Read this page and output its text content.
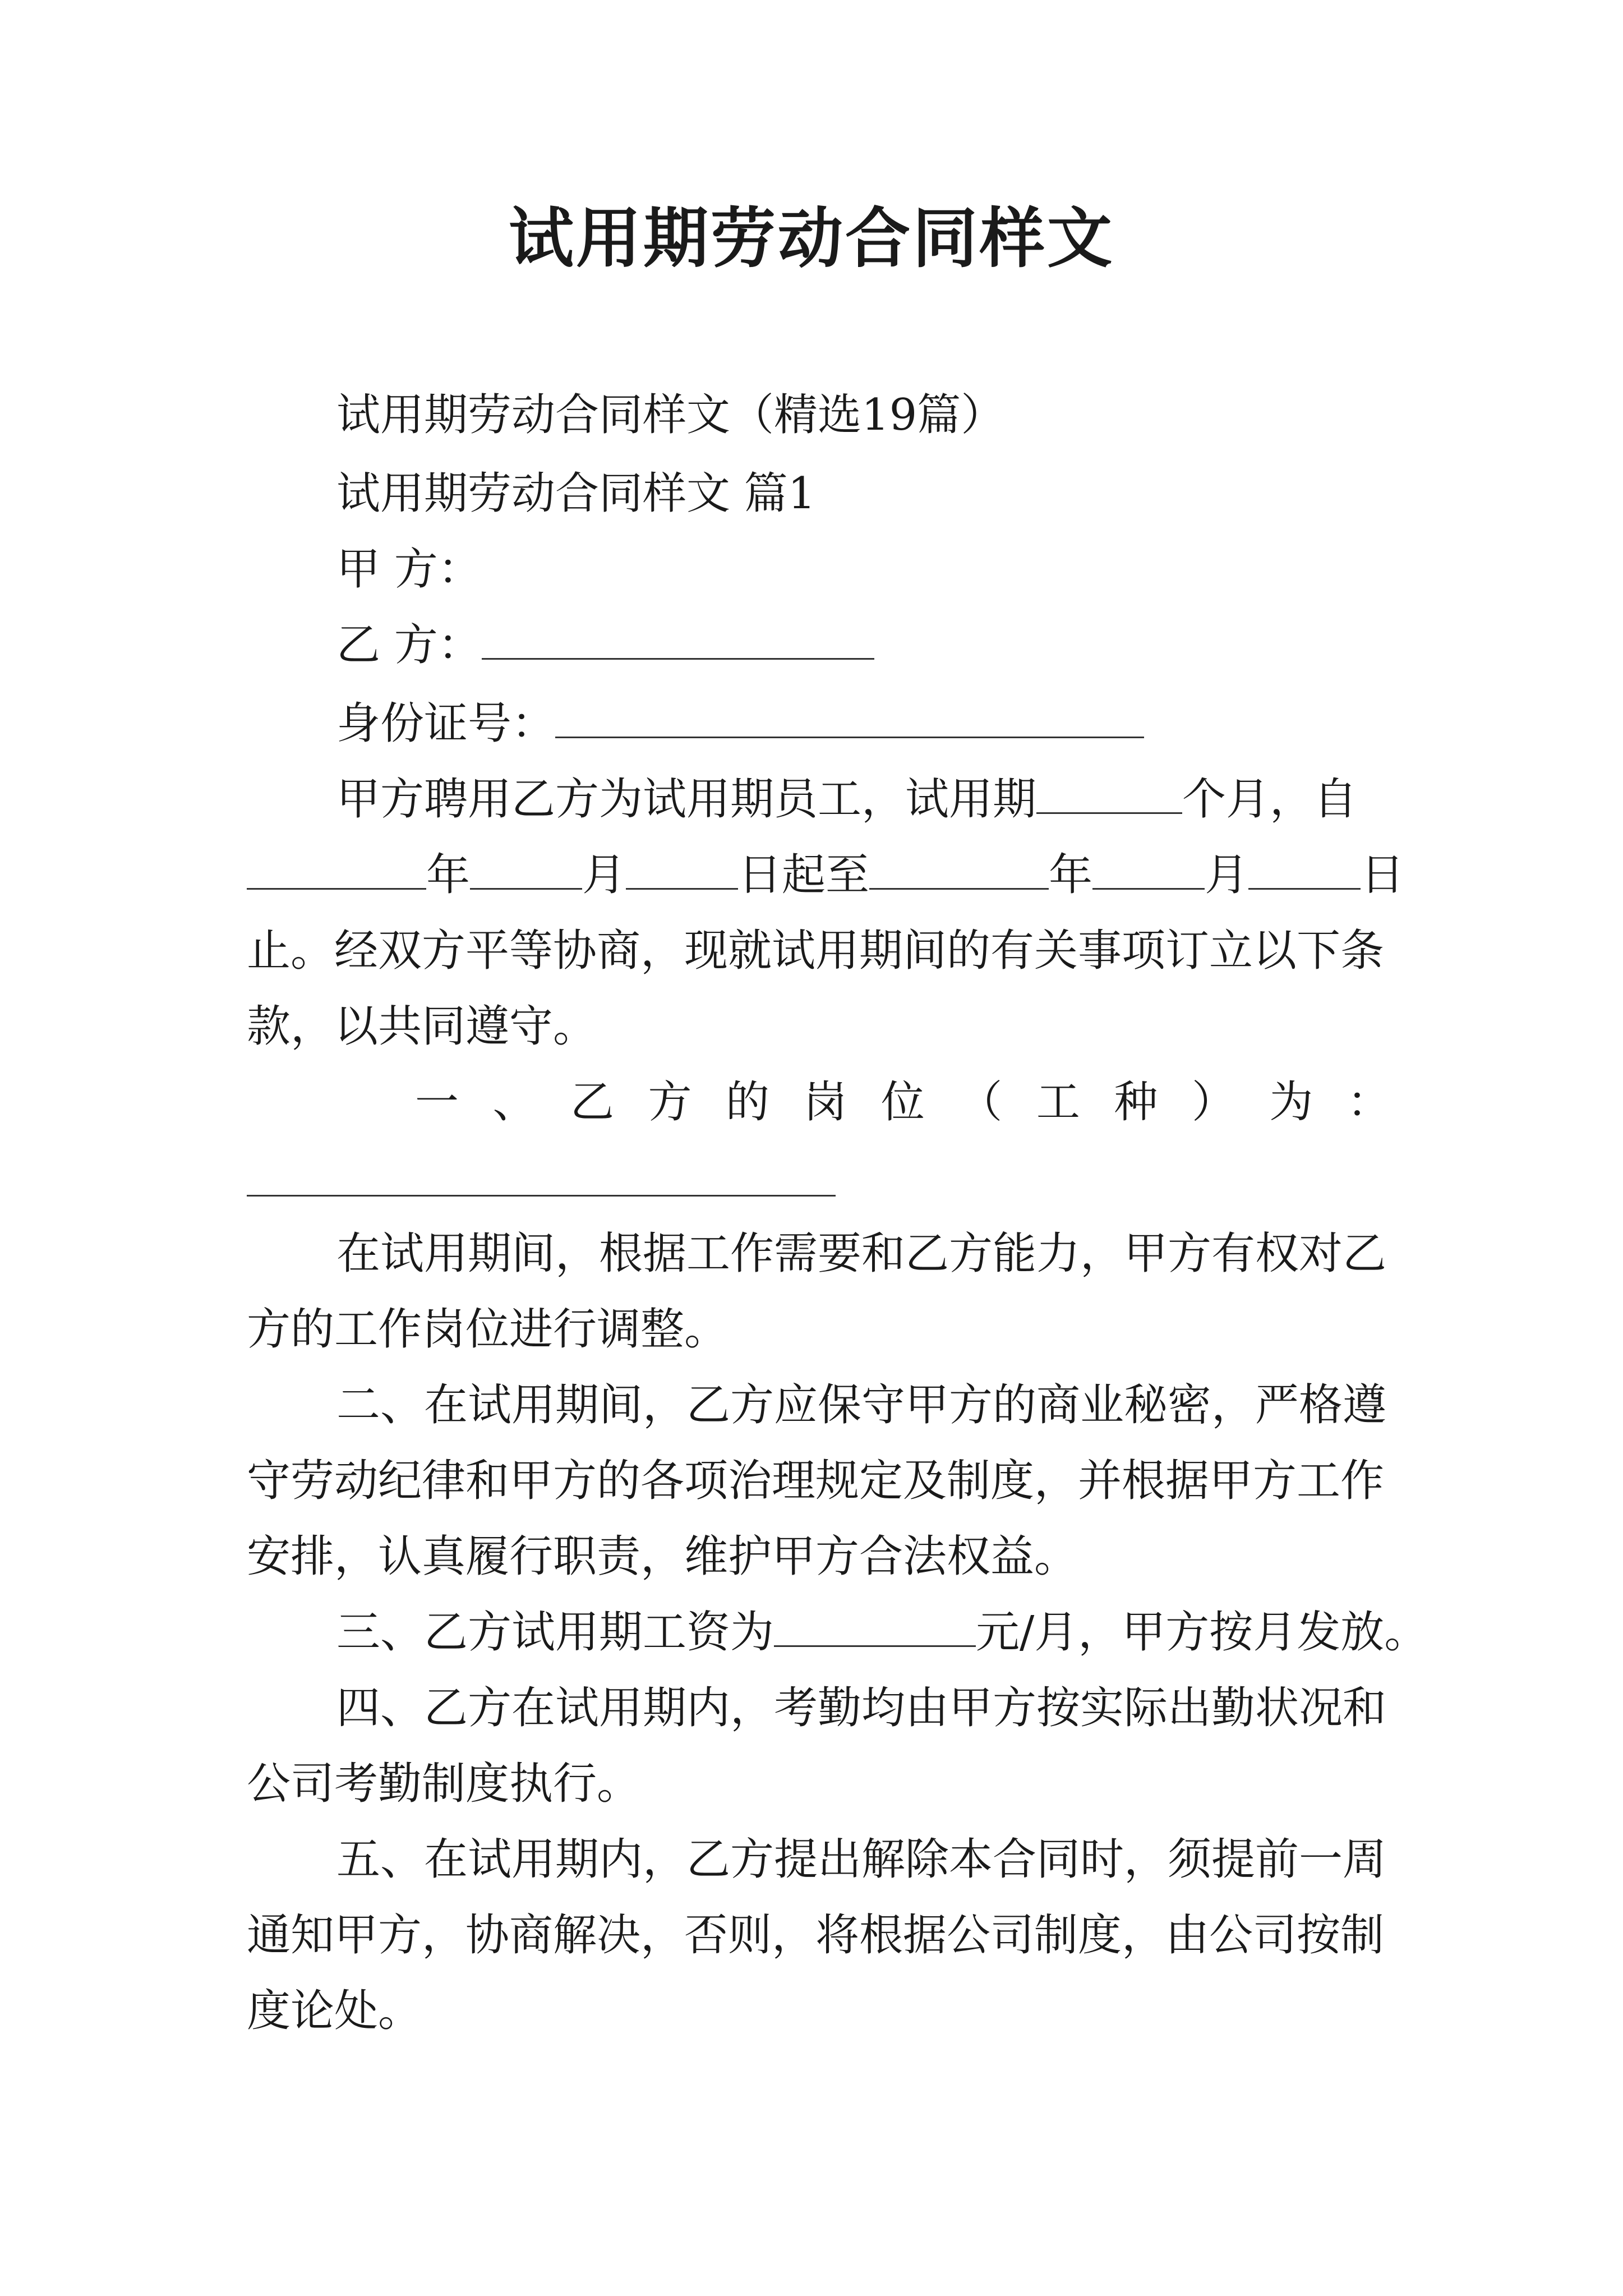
试用期劳动合同样文
试用期劳动合同样文（精选19篇）
试用期劳动合同样文 篇1
甲 方：
乙 方：
身份证号：
甲方聘用乙方为试用期员工，试用期	个月，自
年	月	日起至	年	月	日
止。经双方平等协商，现就试用期间的有关事项订立以下条
款，以共同遵守。
一 、 乙 方 的 岗 位 （ 工 种 ） 为 ：
在试用期间，根据工作需要和乙方能力，甲方有权对乙
方的工作岗位进行调整。
二、在试用期间，乙方应保守甲方的商业秘密，严格遵
守劳动纪律和甲方的各项治理规定及制度，并根据甲方工作
安排，认真履行职责，维护甲方合法权益。
三、乙方试用期工资为	元/月，甲方按月发放。
四、乙方在试用期内，考勤均由甲方按实际出勤状况和
公司考勤制度执行。
五、在试用期内，乙方提出解除本合同时，须提前一周
通知甲方，协商解决，否则，将根据公司制度，由公司按制
度论处。
